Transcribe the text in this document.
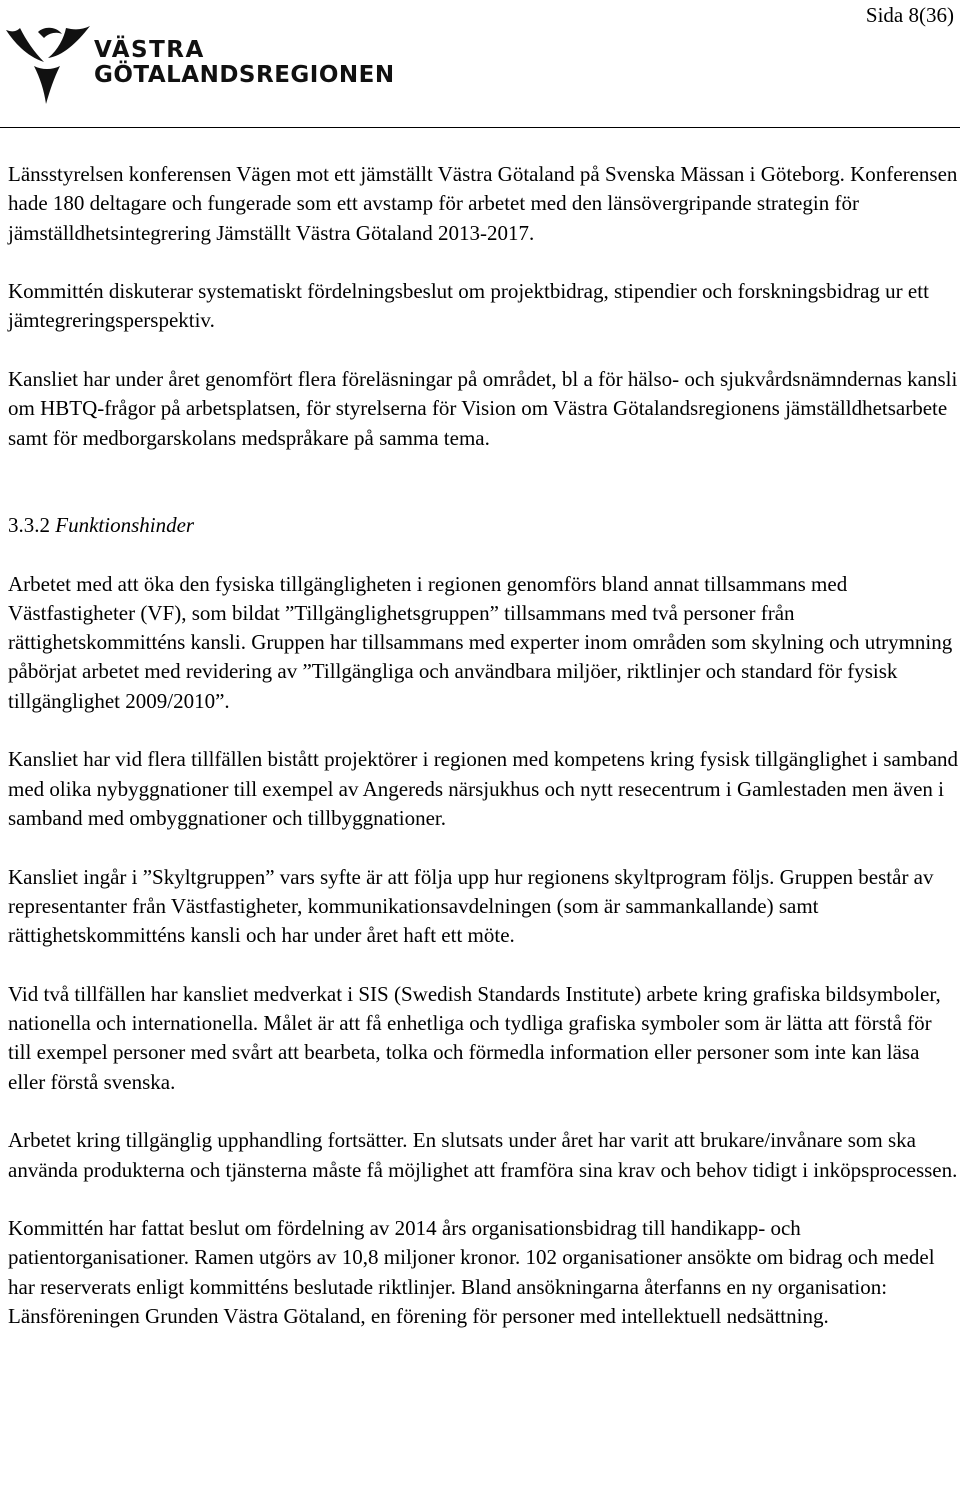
Sida 8(36)
VÄSTRA
GÖTALANDSREGIONEN

Länsstyrelsen konferensen Vägen mot ett jämställt Västra Götaland på Svenska Mässan i Göteborg. Konferensen hade 180 deltagare och fungerade som ett avstamp för arbetet med den länsövergripande strategin för jämställdhetsintegrering Jämställt Västra Götaland 2013-2017.

Kommittén diskuterar systematiskt fördelningsbeslut om projektbidrag, stipendier och forskningsbidrag ur ett jämtegreringsperspektiv.

Kansliet har under året genomfört flera föreläsningar på området, bl a för hälso- och sjukvårdsnämndernas kansli om HBTQ-frågor på arbetsplatsen, för styrelserna för Vision om Västra Götalandsregionens jämställdhetsarbete samt för medborgarskolans medspråkare på samma tema.

3.3.2 Funktionshinder

Arbetet med att öka den fysiska tillgängligheten i regionen genomförs bland annat tillsammans med Västfastigheter (VF), som bildat ”Tillgänglighetsgruppen” tillsammans med två personer från rättighetskommitténs kansli. Gruppen har tillsammans med experter inom områden som skylning och utrymning påbörjat arbetet med revidering av ”Tillgängliga och användbara miljöer, riktlinjer och standard för fysisk tillgänglighet 2009/2010”.

Kansliet har vid flera tillfällen bistått projektörer i regionen med kompetens kring fysisk tillgänglighet i samband med olika nybyggnationer till exempel av Angereds närsjukhus och nytt resecentrum i Gamlestaden men även i samband med ombyggnationer och tillbyggnationer.

Kansliet ingår i ”Skyltgruppen” vars syfte är att följa upp hur regionens skyltprogram följs. Gruppen består av representanter från Västfastigheter, kommunikationsavdelningen (som är sammankallande) samt rättighetskommitténs kansli och har under året haft ett möte.

Vid två tillfällen har kansliet medverkat i SIS (Swedish Standards Institute) arbete kring grafiska bildsymboler, nationella och internationella. Målet är att få enhetliga och tydliga grafiska symboler som är lätta att förstå för till exempel personer med svårt att bearbeta, tolka och förmedla information eller personer som inte kan läsa eller förstå svenska.

Arbetet kring tillgänglig upphandling fortsätter. En slutsats under året har varit att brukare/invånare som ska använda produkterna och tjänsterna måste få möjlighet att framföra sina krav och behov tidigt i inköpsprocessen.

Kommittén har fattat beslut om fördelning av 2014 års organisationsbidrag till handikapp- och patientorganisationer. Ramen utgörs av 10,8 miljoner kronor. 102 organisationer ansökte om bidrag och medel har reserverats enligt kommitténs beslutade riktlinjer. Bland ansökningarna återfanns en ny organisation: Länsföreningen Grunden Västra Götaland, en förening för personer med intellektuell nedsättning.
